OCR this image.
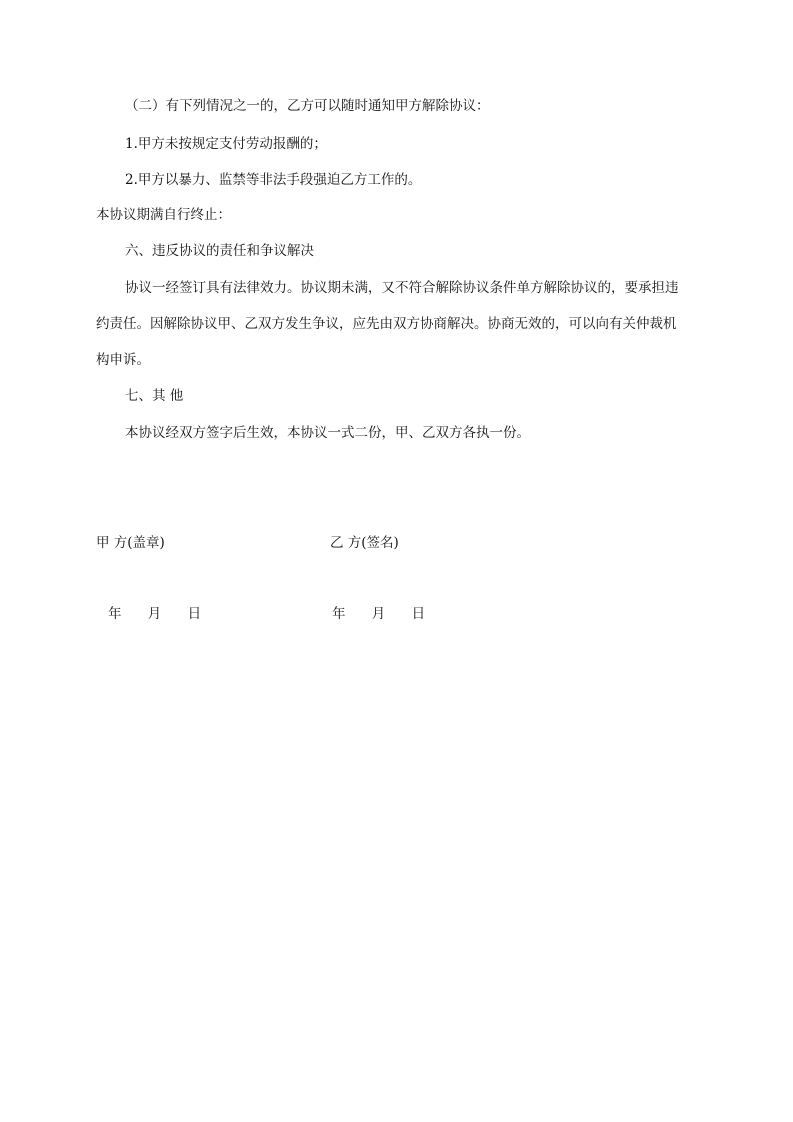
（二）有下列情况之一的，乙方可以随时通知甲方解除协议：
1.甲方未按规定支付劳动报酬的；
2.甲方以暴力、监禁等非法手段强迫乙方工作的。
本协议期满自行终止：
六、违反协议的责任和争议解决
协议一经签订具有法律效力。协议期未满，又不符合解除协议条件单方解除协议的，要承担违
约责任。因解除协议甲、乙双方发生争议，应先由双方协商解决。协商无效的，可以向有关仲裁机
构申诉。
七、其 他
本协议经双方签字后生效，本协议一式二份，甲、乙双方各执一份。
甲 方(盖章)	乙 方(签名)
年 月 日	年 月 日
